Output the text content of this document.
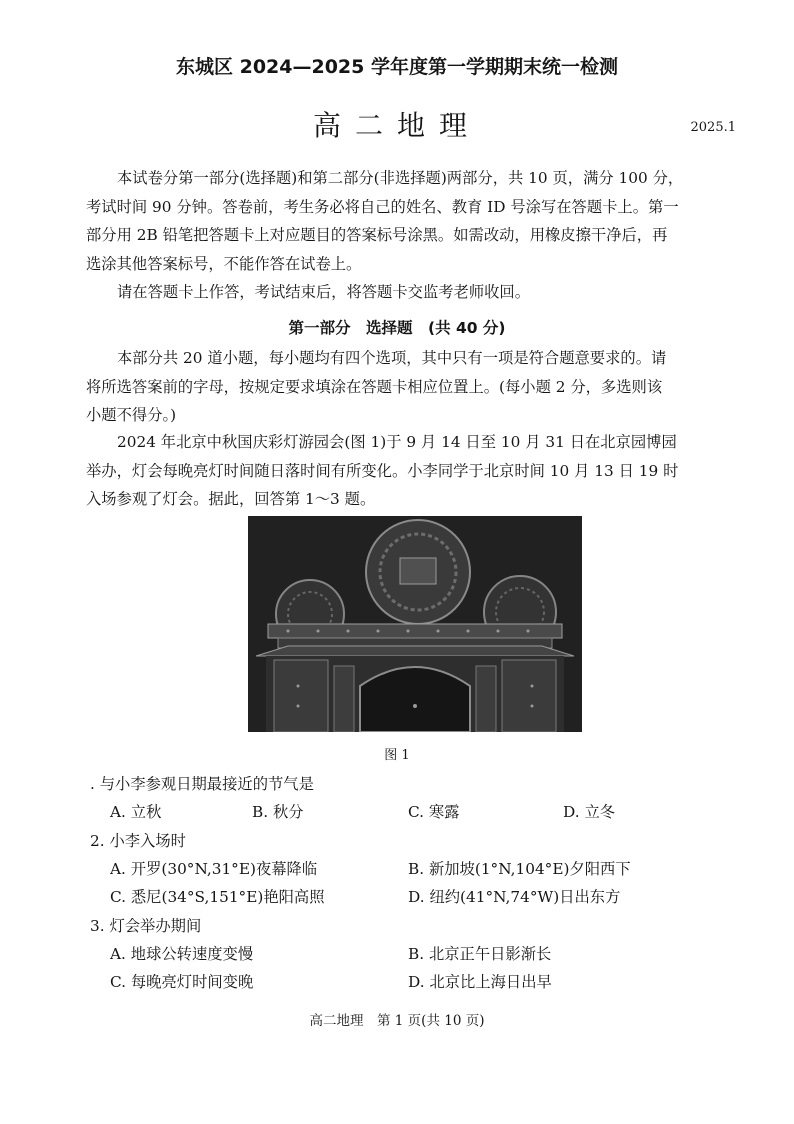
东城区 2024—2025 学年度第一学期期末统一检测
高二地理	2025.1
本试卷分第一部分(选择题)和第二部分(非选择题)两部分，共 10 页，满分 100 分，
考试时间 90 分钟。答卷前，考生务必将自己的姓名、教育 ID 号涂写在答题卡上。第一
部分用 2B 铅笔把答题卡上对应题目的答案标号涂黑。如需改动，用橡皮擦干净后，再
选涂其他答案标号，不能作答在试卷上。
请在答题卡上作答，考试结束后，将答题卡交监考老师收回。
第一部分　选择题　(共 40 分)
本部分共 20 道小题，每小题均有四个选项，其中只有一项是符合题意要求的。请
将所选答案前的字母，按规定要求填涂在答题卡相应位置上。(每小题 2 分，多选则该
小题不得分。)
2024 年北京中秋国庆彩灯游园会(图 1)于 9 月 14 日至 10 月 31 日在北京园博园
举办，灯会每晚亮灯时间随日落时间有所变化。小李同学于北京时间 10 月 13 日 19 时
入场参观了灯会。据此，回答第 1～3 题。
图 1
. 与小李参观日期最接近的节气是
A. 立秋	B. 秋分	C. 寒露	D. 立冬
2. 小李入场时
A. 开罗(30°N,31°E)夜幕降临	B. 新加坡(1°N,104°E)夕阳西下
C. 悉尼(34°S,151°E)艳阳高照	D. 纽约(41°N,74°W)日出东方
3. 灯会举办期间
A. 地球公转速度变慢	B. 北京正午日影渐长
C. 每晚亮灯时间变晚	D. 北京比上海日出早
高二地理　第 1 页(共 10 页)
